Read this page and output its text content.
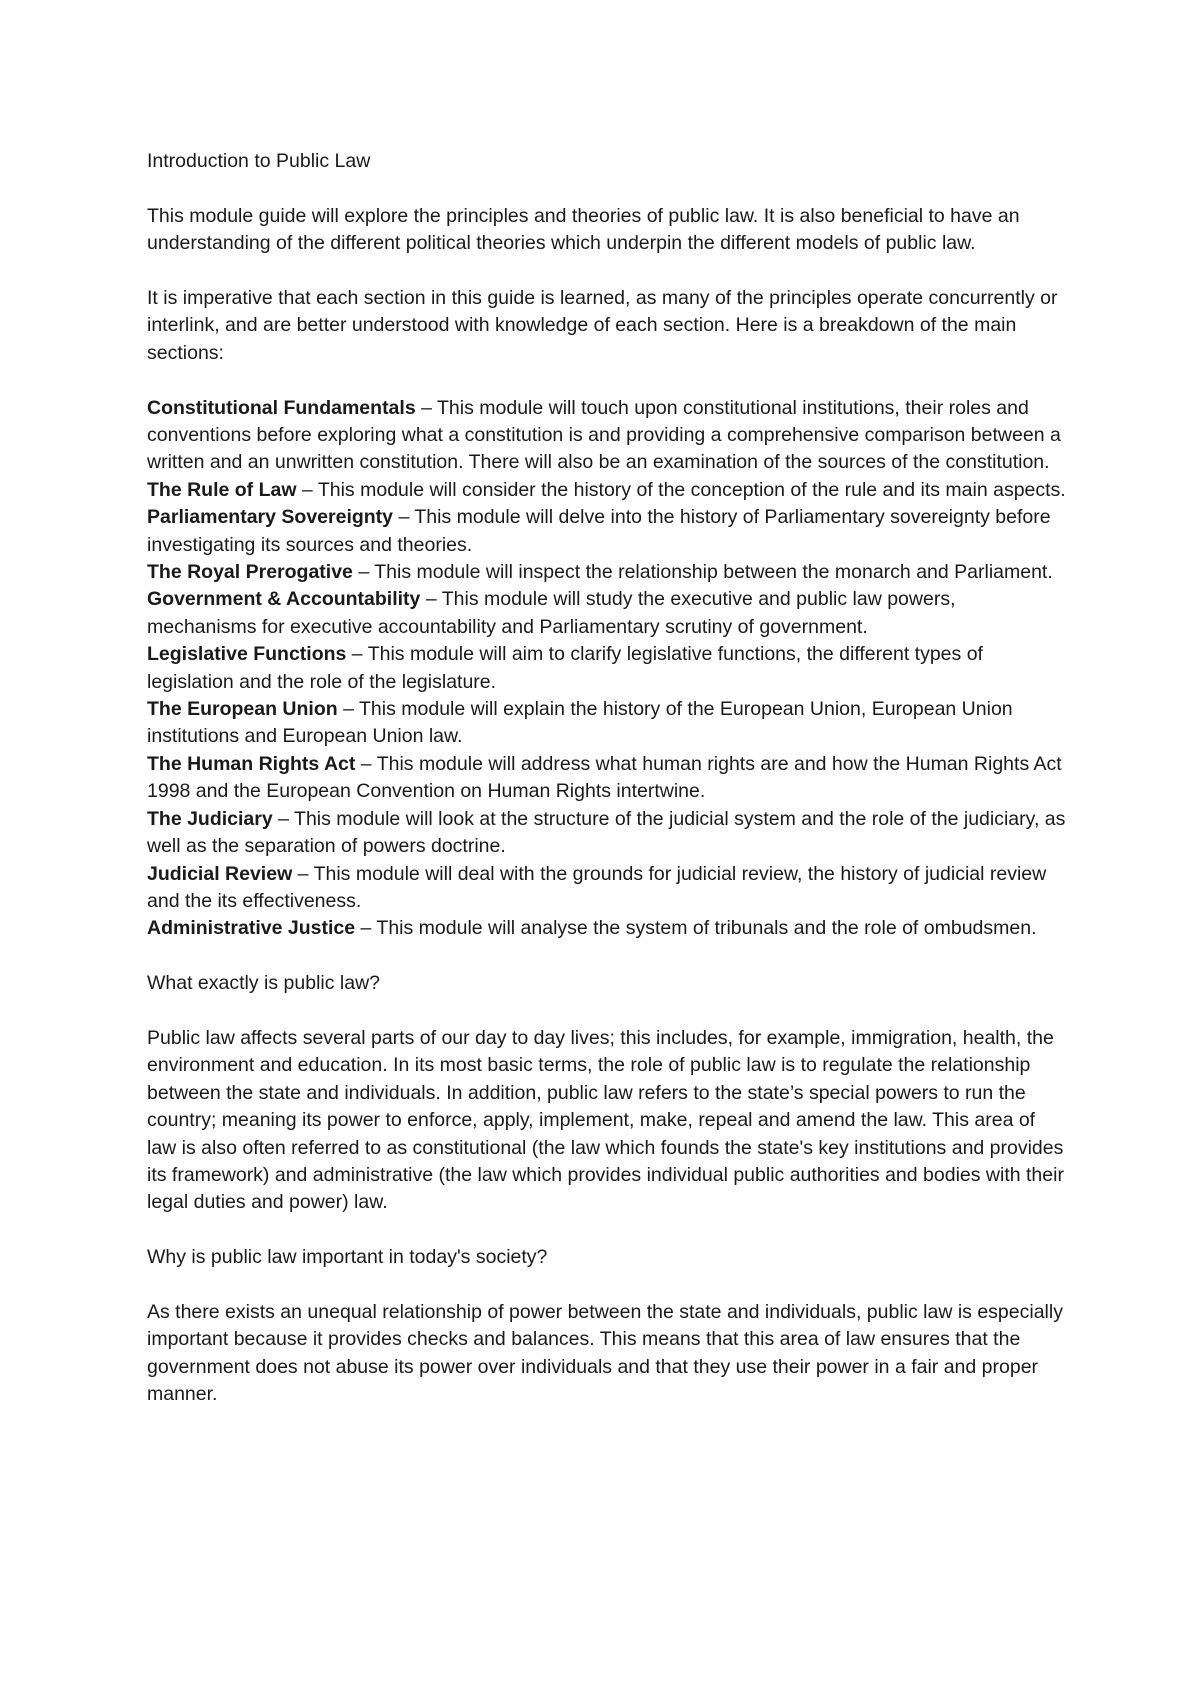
Introduction to Public Law

This module guide will explore the principles and theories of public law. It is also beneficial to have an understanding of the different political theories which underpin the different models of public law.

It is imperative that each section in this guide is learned, as many of the principles operate concurrently or interlink, and are better understood with knowledge of each section. Here is a breakdown of the main sections:

Constitutional Fundamentals – This module will touch upon constitutional institutions, their roles and conventions before exploring what a constitution is and providing a comprehensive comparison between a written and an unwritten constitution. There will also be an examination of the sources of the constitution.
The Rule of Law – This module will consider the history of the conception of the rule and its main aspects.
Parliamentary Sovereignty – This module will delve into the history of Parliamentary sovereignty before investigating its sources and theories.
The Royal Prerogative – This module will inspect the relationship between the monarch and Parliament.
Government & Accountability – This module will study the executive and public law powers, mechanisms for executive accountability and Parliamentary scrutiny of government.
Legislative Functions – This module will aim to clarify legislative functions, the different types of legislation and the role of the legislature.
The European Union – This module will explain the history of the European Union, European Union institutions and European Union law.
The Human Rights Act – This module will address what human rights are and how the Human Rights Act 1998 and the European Convention on Human Rights intertwine.
The Judiciary – This module will look at the structure of the judicial system and the role of the judiciary, as well as the separation of powers doctrine.
Judicial Review – This module will deal with the grounds for judicial review, the history of judicial review and the its effectiveness.
Administrative Justice – This module will analyse the system of tribunals and the role of ombudsmen.

What exactly is public law?

Public law affects several parts of our day to day lives; this includes, for example, immigration, health, the environment and education. In its most basic terms, the role of public law is to regulate the relationship between the state and individuals. In addition, public law refers to the state’s special powers to run the country; meaning its power to enforce, apply, implement, make, repeal and amend the law. This area of law is also often referred to as constitutional (the law which founds the state's key institutions and provides its framework) and administrative (the law which provides individual public authorities and bodies with their legal duties and power) law.

Why is public law important in today's society?

As there exists an unequal relationship of power between the state and individuals, public law is especially important because it provides checks and balances. This means that this area of law ensures that the government does not abuse its power over individuals and that they use their power in a fair and proper manner.
